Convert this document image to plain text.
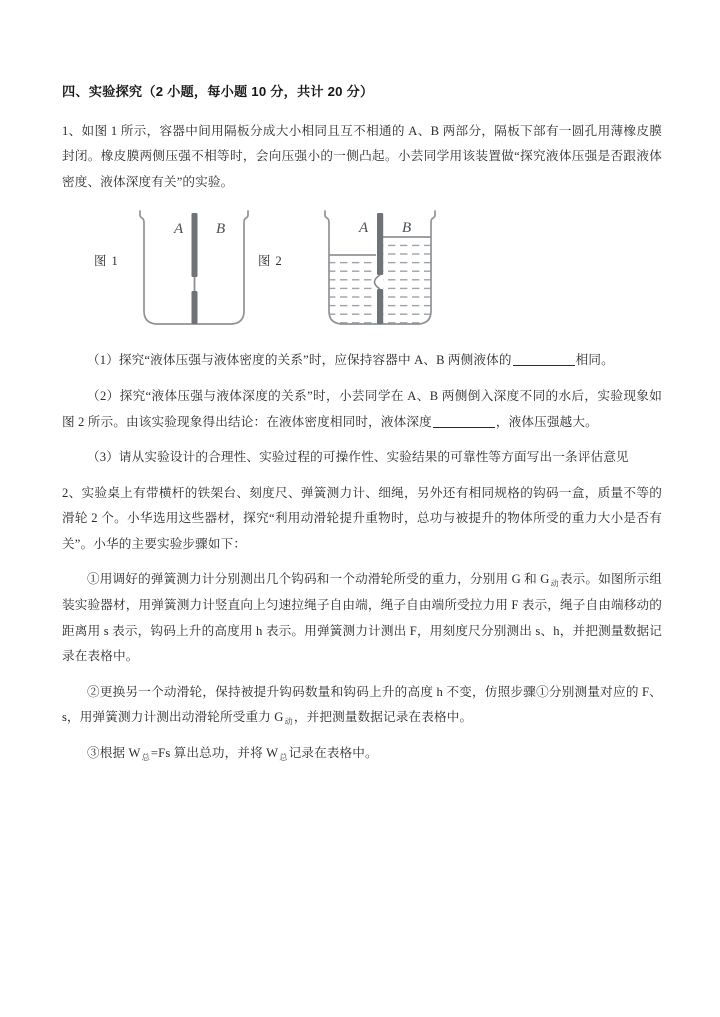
四、实验探究（2 小题，每小题 10 分，共计 20 分）

1、如图 1 所示，容器中间用隔板分成大小相同且互不相通的 A、B 两部分，隔板下部有一圆孔用薄橡皮膜封闭。橡皮膜两侧压强不相等时，会向压强小的一侧凸起。小芸同学用该装置做“探究液体压强是否跟液体密度、液体深度有关”的实验。

图 1	图 2
A B	A B

（1）探究“液体压强与液体密度的关系”时，应保持容器中 A、B 两侧液体的	相同。

（2）探究“液体压强与液体深度的关系”时，小芸同学在 A、B 两侧倒入深度不同的水后，实验现象如图 2 所示。由该实验现象得出结论：在液体密度相同时，液体深度	，液体压强越大。

（3）请从实验设计的合理性、实验过程的可操作性、实验结果的可靠性等方面写出一条评估意见

2、实验桌上有带横杆的铁架台、刻度尺、弹簧测力计、细绳，另外还有相同规格的钩码一盒，质量不等的滑轮 2 个。小华选用这些器材，探究“利用动滑轮提升重物时，总功与被提升的物体所受的重力大小是否有关”。小华的主要实验步骤如下：

①用调好的弹簧测力计分别测出几个钩码和一个动滑轮所受的重力，分别用 G 和 $G_动$表示。如图所示组装实验器材，用弹簧测力计竖直向上匀速拉绳子自由端，绳子自由端所受拉力用 F 表示，绳子自由端移动的距离用 s 表示，钩码上升的高度用 h 表示。用弹簧测力计测出 F，用刻度尺分别测出 s、h，并把测量数据记录在表格中。

②更换另一个动滑轮，保持被提升钩码数量和钩码上升的高度 h 不变，仿照步骤①分别测量对应的 F、s，用弹簧测力计测出动滑轮所受重力 $G_动$，并把测量数据记录在表格中。

③根据 $W_总=Fs$ 算出总功，并将 $W_总$记录在表格中。
